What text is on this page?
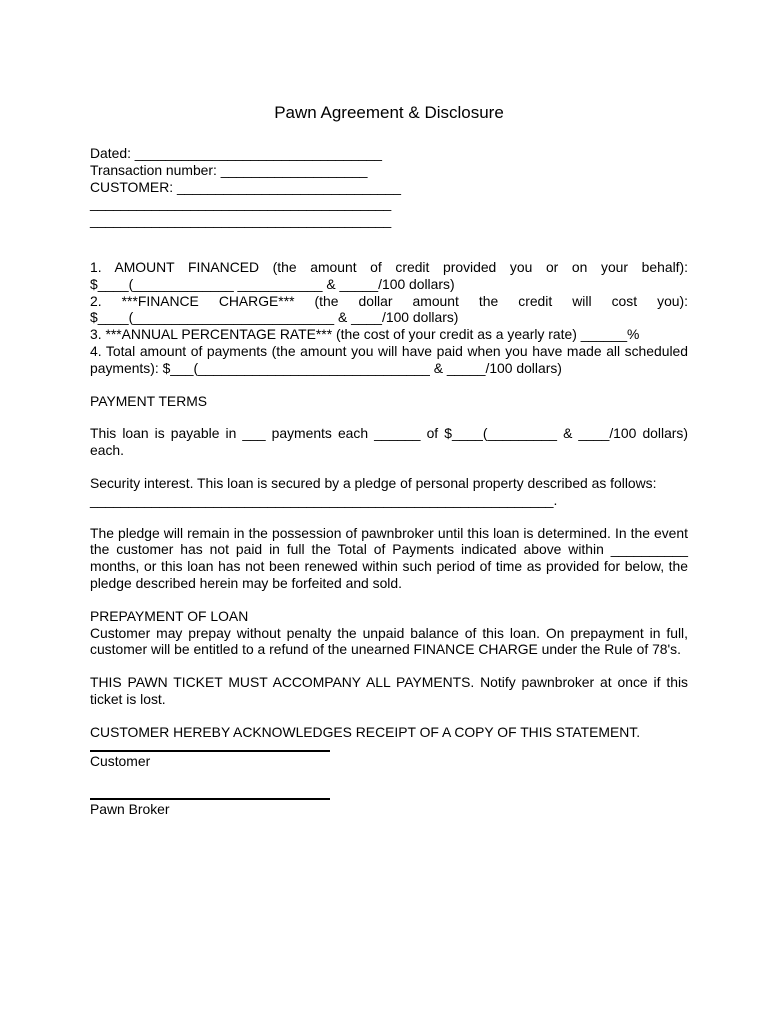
Pawn Agreement & Disclosure

Dated: ________________________________

Transaction number: ___________________

CUSTOMER: _____________________________

_______________________________________

_______________________________________

1. AMOUNT FINANCED (the amount of credit provided you or on your behalf): $____(_____________ ___________ & _____/100 dollars)

2. ***FINANCE CHARGE*** (the dollar amount the credit will cost you): $____(__________________________ & ____/100 dollars)

3. ***ANNUAL PERCENTAGE RATE*** (the cost of your credit as a yearly rate) ______%

4. Total amount of payments (the amount you will have paid when you have made all scheduled payments): $___(______________________________ & _____/100 dollars)

PAYMENT TERMS

This loan is payable in ___ payments each ______ of $____(_________ & ____/100 dollars) each.

Security interest. This loan is secured by a pledge of personal property described as follows: ____________________________________________________________.

The pledge will remain in the possession of pawnbroker until this loan is determined. In the event the customer has not paid in full the Total of Payments indicated above within __________ months, or this loan has not been renewed within such period of time as provided for below, the pledge described herein may be forfeited and sold.

PREPAYMENT OF LOAN

Customer may prepay without penalty the unpaid balance of this loan. On prepayment in full, customer will be entitled to a refund of the unearned FINANCE CHARGE under the Rule of 78's.

THIS PAWN TICKET MUST ACCOMPANY ALL PAYMENTS. Notify pawnbroker at once if this ticket is lost.

CUSTOMER HEREBY ACKNOWLEDGES RECEIPT OF A COPY OF THIS STATEMENT.

Customer

Pawn Broker
